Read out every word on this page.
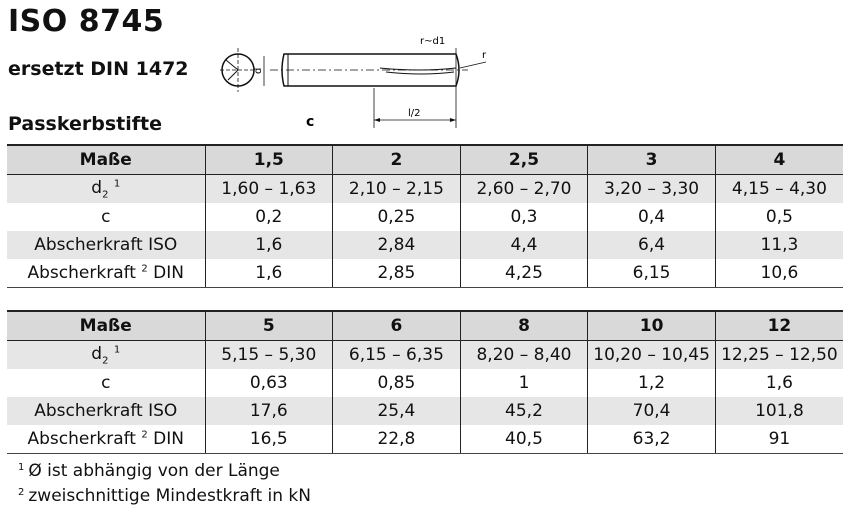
ISO 8745
ersetzt DIN 1472
Passkerbstifte
d
l/2
r
r~d1
c
Maße	1,5	2	2,5	3	4
$d_2$ $^1$	1,60 – 1,63	2,10 – 2,15	2,60 – 2,70	3,20 – 3,30	4,15 – 4,30
c	0,2	0,25	0,3	0,4	0,5
Abscherkraft ISO	1,6	2,84	4,4	6,4	11,3
Abscherkraft $^2$ DIN	1,6	2,85	4,25	6,15	10,6
Maße	5	6	8	10	12
$d_2$ $^1$	5,15 – 5,30	6,15 – 6,35	8,20 – 8,40	10,20 – 10,45	12,25 – 12,50
c	0,63	0,85	1	1,2	1,6
Abscherkraft ISO	17,6	25,4	45,2	70,4	101,8
Abscherkraft $^2$ DIN	16,5	22,8	40,5	63,2	91
$^1$ Ø ist abhängig von der Länge
$^2$ zweischnittige Mindestkraft in kN
